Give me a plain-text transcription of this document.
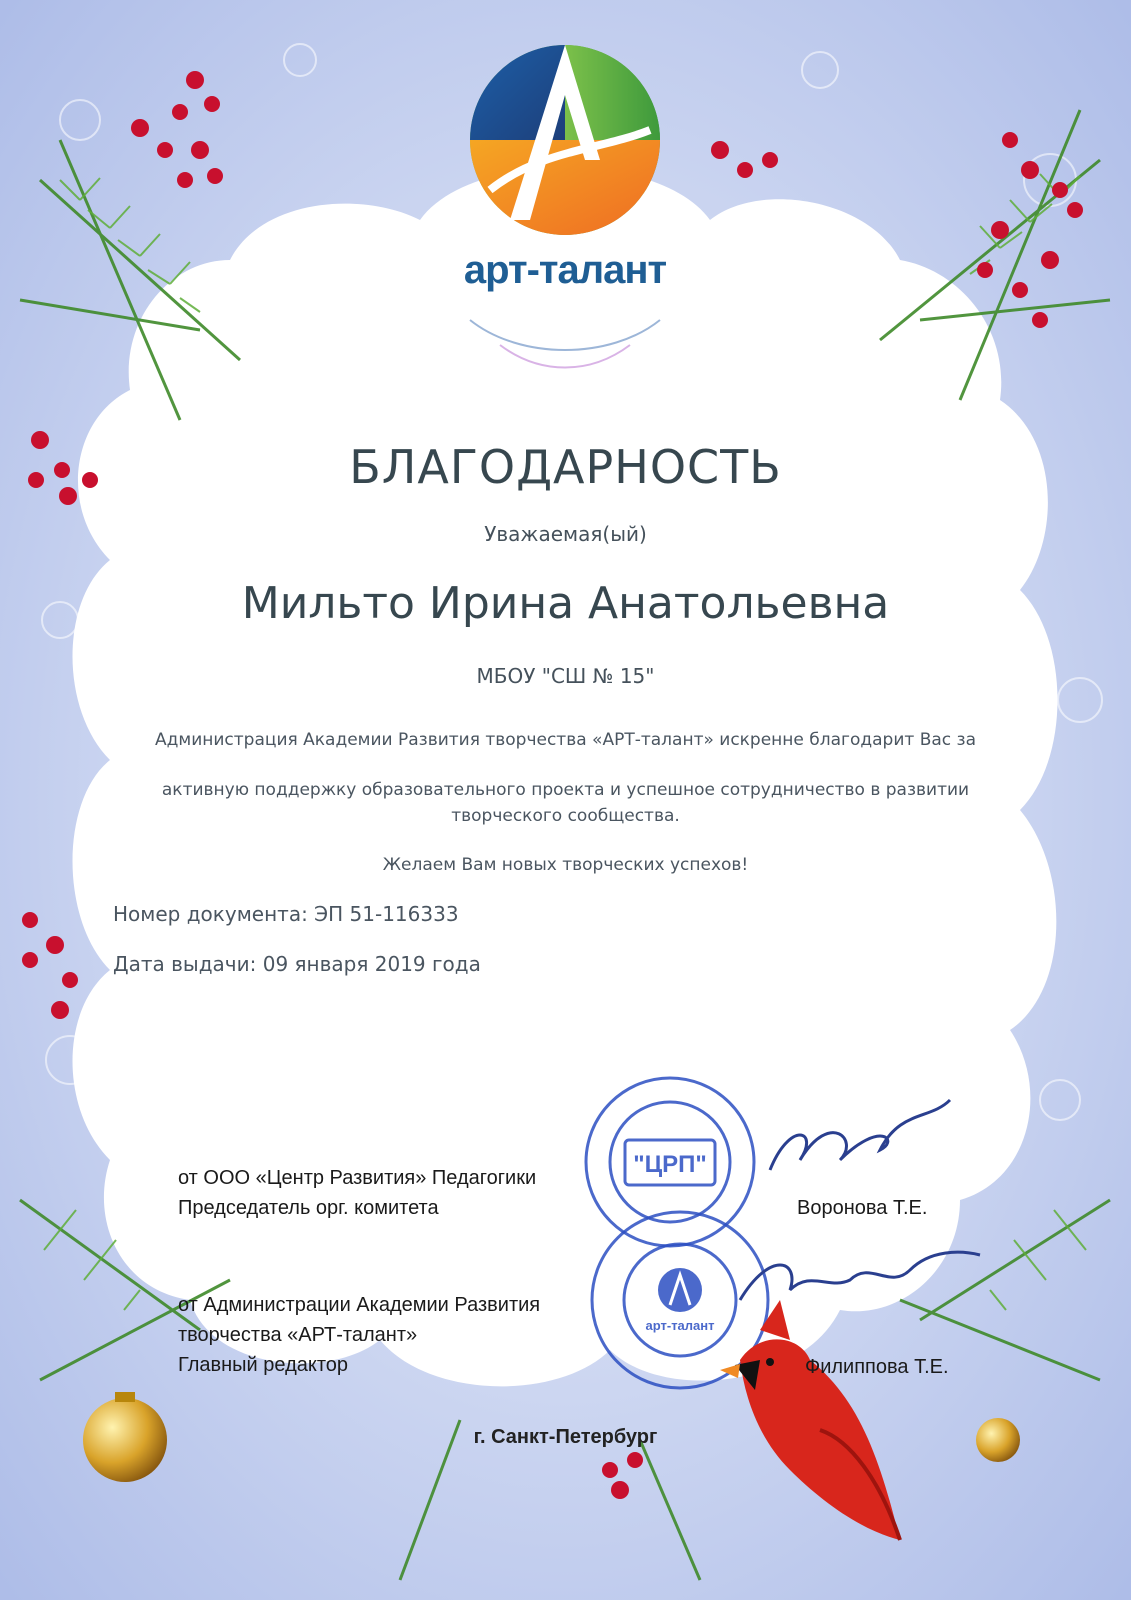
"ЦРП"
арт-талант
арт-талант
БЛАГОДАРНОСТЬ
Уважаемая(ый)
Мильто Ирина Анатольевна
МБОУ "СШ № 15"
Администрация Академии Развития творчества «АРТ-талант» искренне благодарит Вас за
активную поддержку образовательного проекта и успешное сотрудничество в развитии
творческого сообщества.
Желаем Вам новых творческих успехов!
Номер документа: ЭП 51-116333
Дата выдачи: 09 января 2019 года
от ООО «Центр Развития» Педагогики
Председатель орг. комитета	Воронова Т.Е.
от Администрации Академии Развития
творчества «АРТ-талант»
Главный редактор	Филиппова Т.Е.
г. Санкт-Петербург
